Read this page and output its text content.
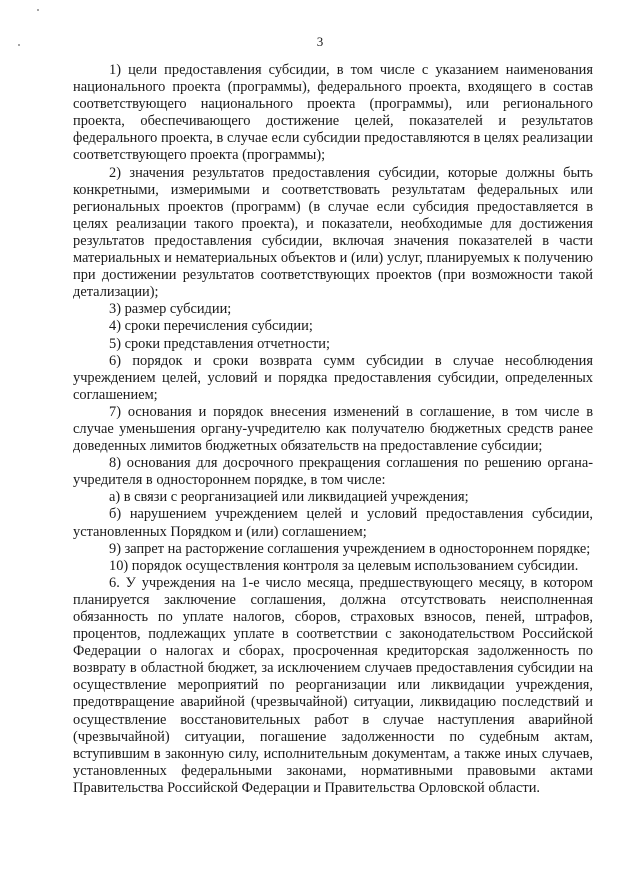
3

1) цели предоставления субсидии, в том числе с указанием наименования национального проекта (программы), федерального проекта, входящего в состав соответствующего национального проекта (программы), или регионального проекта, обеспечивающего достижение целей, показателей и результатов федерального проекта, в случае если субсидии предоставляются в целях реализации соответствующего проекта (программы);

2) значения результатов предоставления субсидии, которые должны быть конкретными, измеримыми и соответствовать результатам федеральных или региональных проектов (программ) (в случае если субсидия предоставляется в целях реализации такого проекта), и показатели, необходимые для достижения результатов предоставления субсидии, включая значения показателей в части материальных и нематериальных объектов и (или) услуг, планируемых к получению при достижении результатов соответствующих проектов (при возможности такой детализации);

3) размер субсидии;

4) сроки перечисления субсидии;

5) сроки представления отчетности;

6) порядок и сроки возврата сумм субсидии в случае несоблюдения учреждением целей, условий и порядка предоставления субсидии, определенных соглашением;

7) основания и порядок внесения изменений в соглашение, в том числе в случае уменьшения органу-учредителю как получателю бюджетных средств ранее доведенных лимитов бюджетных обязательств на предоставление субсидии;

8) основания для досрочного прекращения соглашения по решению органа-учредителя в одностороннем порядке, в том числе:

а) в связи с реорганизацией или ликвидацией учреждения;

б) нарушением учреждением целей и условий предоставления субсидии, установленных Порядком и (или) соглашением;

9) запрет на расторжение соглашения учреждением в одностороннем порядке;

10) порядок осуществления контроля за целевым использованием субсидии.

6. У учреждения на 1-е число месяца, предшествующего месяцу, в котором планируется заключение соглашения, должна отсутствовать неисполненная обязанность по уплате налогов, сборов, страховых взносов, пеней, штрафов, процентов, подлежащих уплате в соответствии с законодательством Российской Федерации о налогах и сборах, просроченная кредиторская задолженность по возврату в областной бюджет, за исключением случаев предоставления субсидии на осуществление мероприятий по реорганизации или ликвидации учреждения, предотвращение аварийной (чрезвычайной) ситуации, ликвидацию последствий и осуществление восстановительных работ в случае наступления аварийной (чрезвычайной) ситуации, погашение задолженности по судебным актам, вступившим в законную силу, исполнительным документам, а также иных случаев, установленных федеральными законами, нормативными правовыми актами Правительства Российской Федерации и Правительства Орловской области.
